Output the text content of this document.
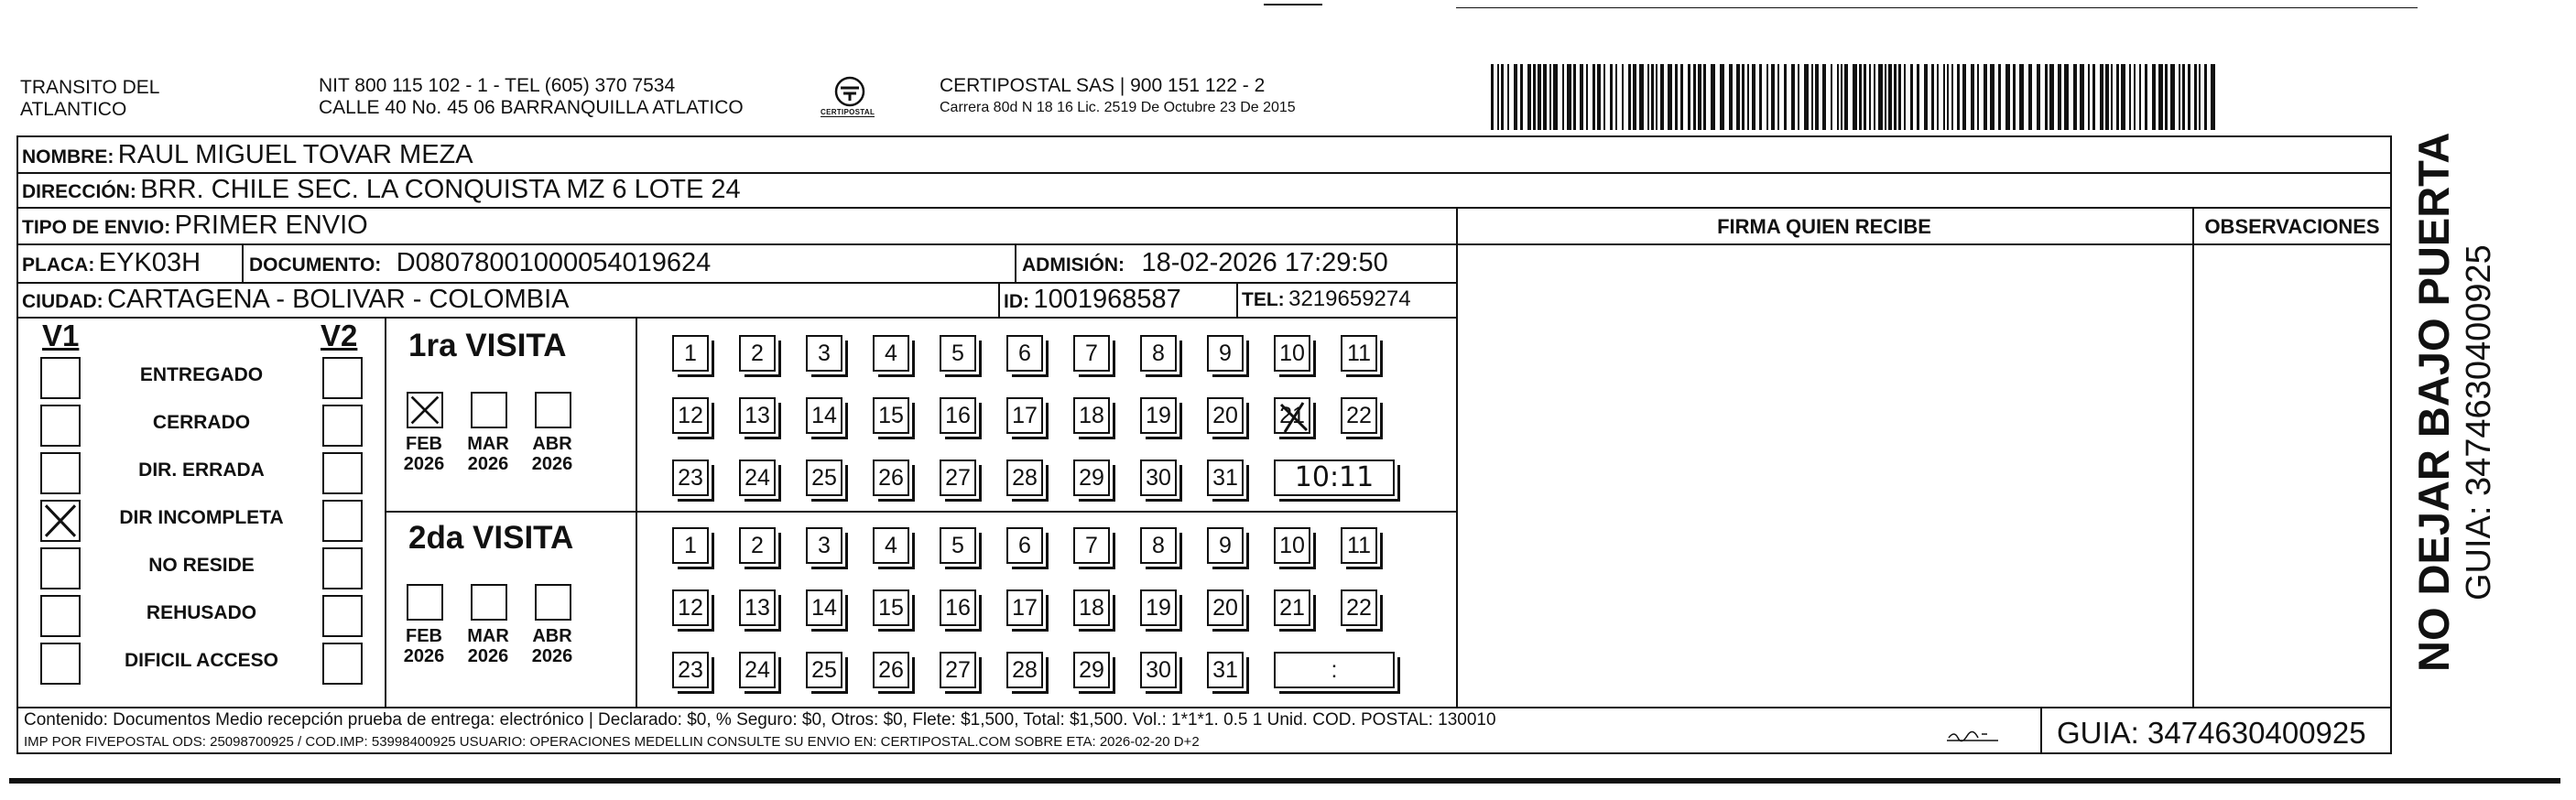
TRANSITO DEL
ATLANTICO
NIT 800 115 102 - 1 - TEL (605) 370 7534
CALLE 40 No. 45 06 BARRANQUILLA ATLATICO	CERTIPOSTAL
CERTIPOSTAL SAS | 900 151 122 - 2
Carrera 80d N 18 16 Lic. 2519 De Octubre 23 De 2015
NOMBRE: RAUL MIGUEL TOVAR MEZA
DIRECCIÓN: BRR. CHILE SEC. LA CONQUISTA MZ 6 LOTE 24
TIPO DE ENVIO: PRIMER ENVIO	FIRMA QUIEN RECIBE	OBSERVACIONES
PLACA: EYK03H	DOCUMENTO: D08078001000054019624	ADMISIÓN: 18-02-2026 17:29:50
CIUDAD: CARTAGENA - BOLIVAR - COLOMBIA	ID: 1001968587	TEL: 3219659274
V1	V2
ENTREGADO
CERRADO
DIR. ERRADA
DIR INCOMPLETA
NO RESIDE
REHUSADO
DIFICIL ACCESO
1ra VISITA
2da VISITA
FEB
2026
MAR
2026
ABR
2026
FEB
2026
MAR
2026
ABR
2026
1	2	3	4	5	6	7	8	9	10 11
12 13 14 15 16 17 18 19 20 21 22
23 24 25 26 27 28 29 30 31	10:11
1	2	3	4	5	6	7	8	9	10 11
12 13 14 15 16 17 18 19 20 21 22
23 24 25 26 27 28 29 30 31	:
Contenido: Documentos Medio recepción prueba de entrega: electrónico | Declarado: $0, % Seguro: $0, Otros: $0, Flete: $1,500, Total: $1,500. Vol.: 1*1*1. 0.5 1 Unid. COD. POSTAL: 130010
IMP POR FIVEPOSTAL ODS: 25098700925 / COD.IMP: 53998400925 USUARIO: OPERACIONES MEDELLIN CONSULTE SU ENVIO EN: CERTIPOSTAL.COM SOBRE ETA: 2026-02-20 D+2	GUIA: 3474630400925
NO DEJAR BAJO PUERTA GUIA: 3474630400925
